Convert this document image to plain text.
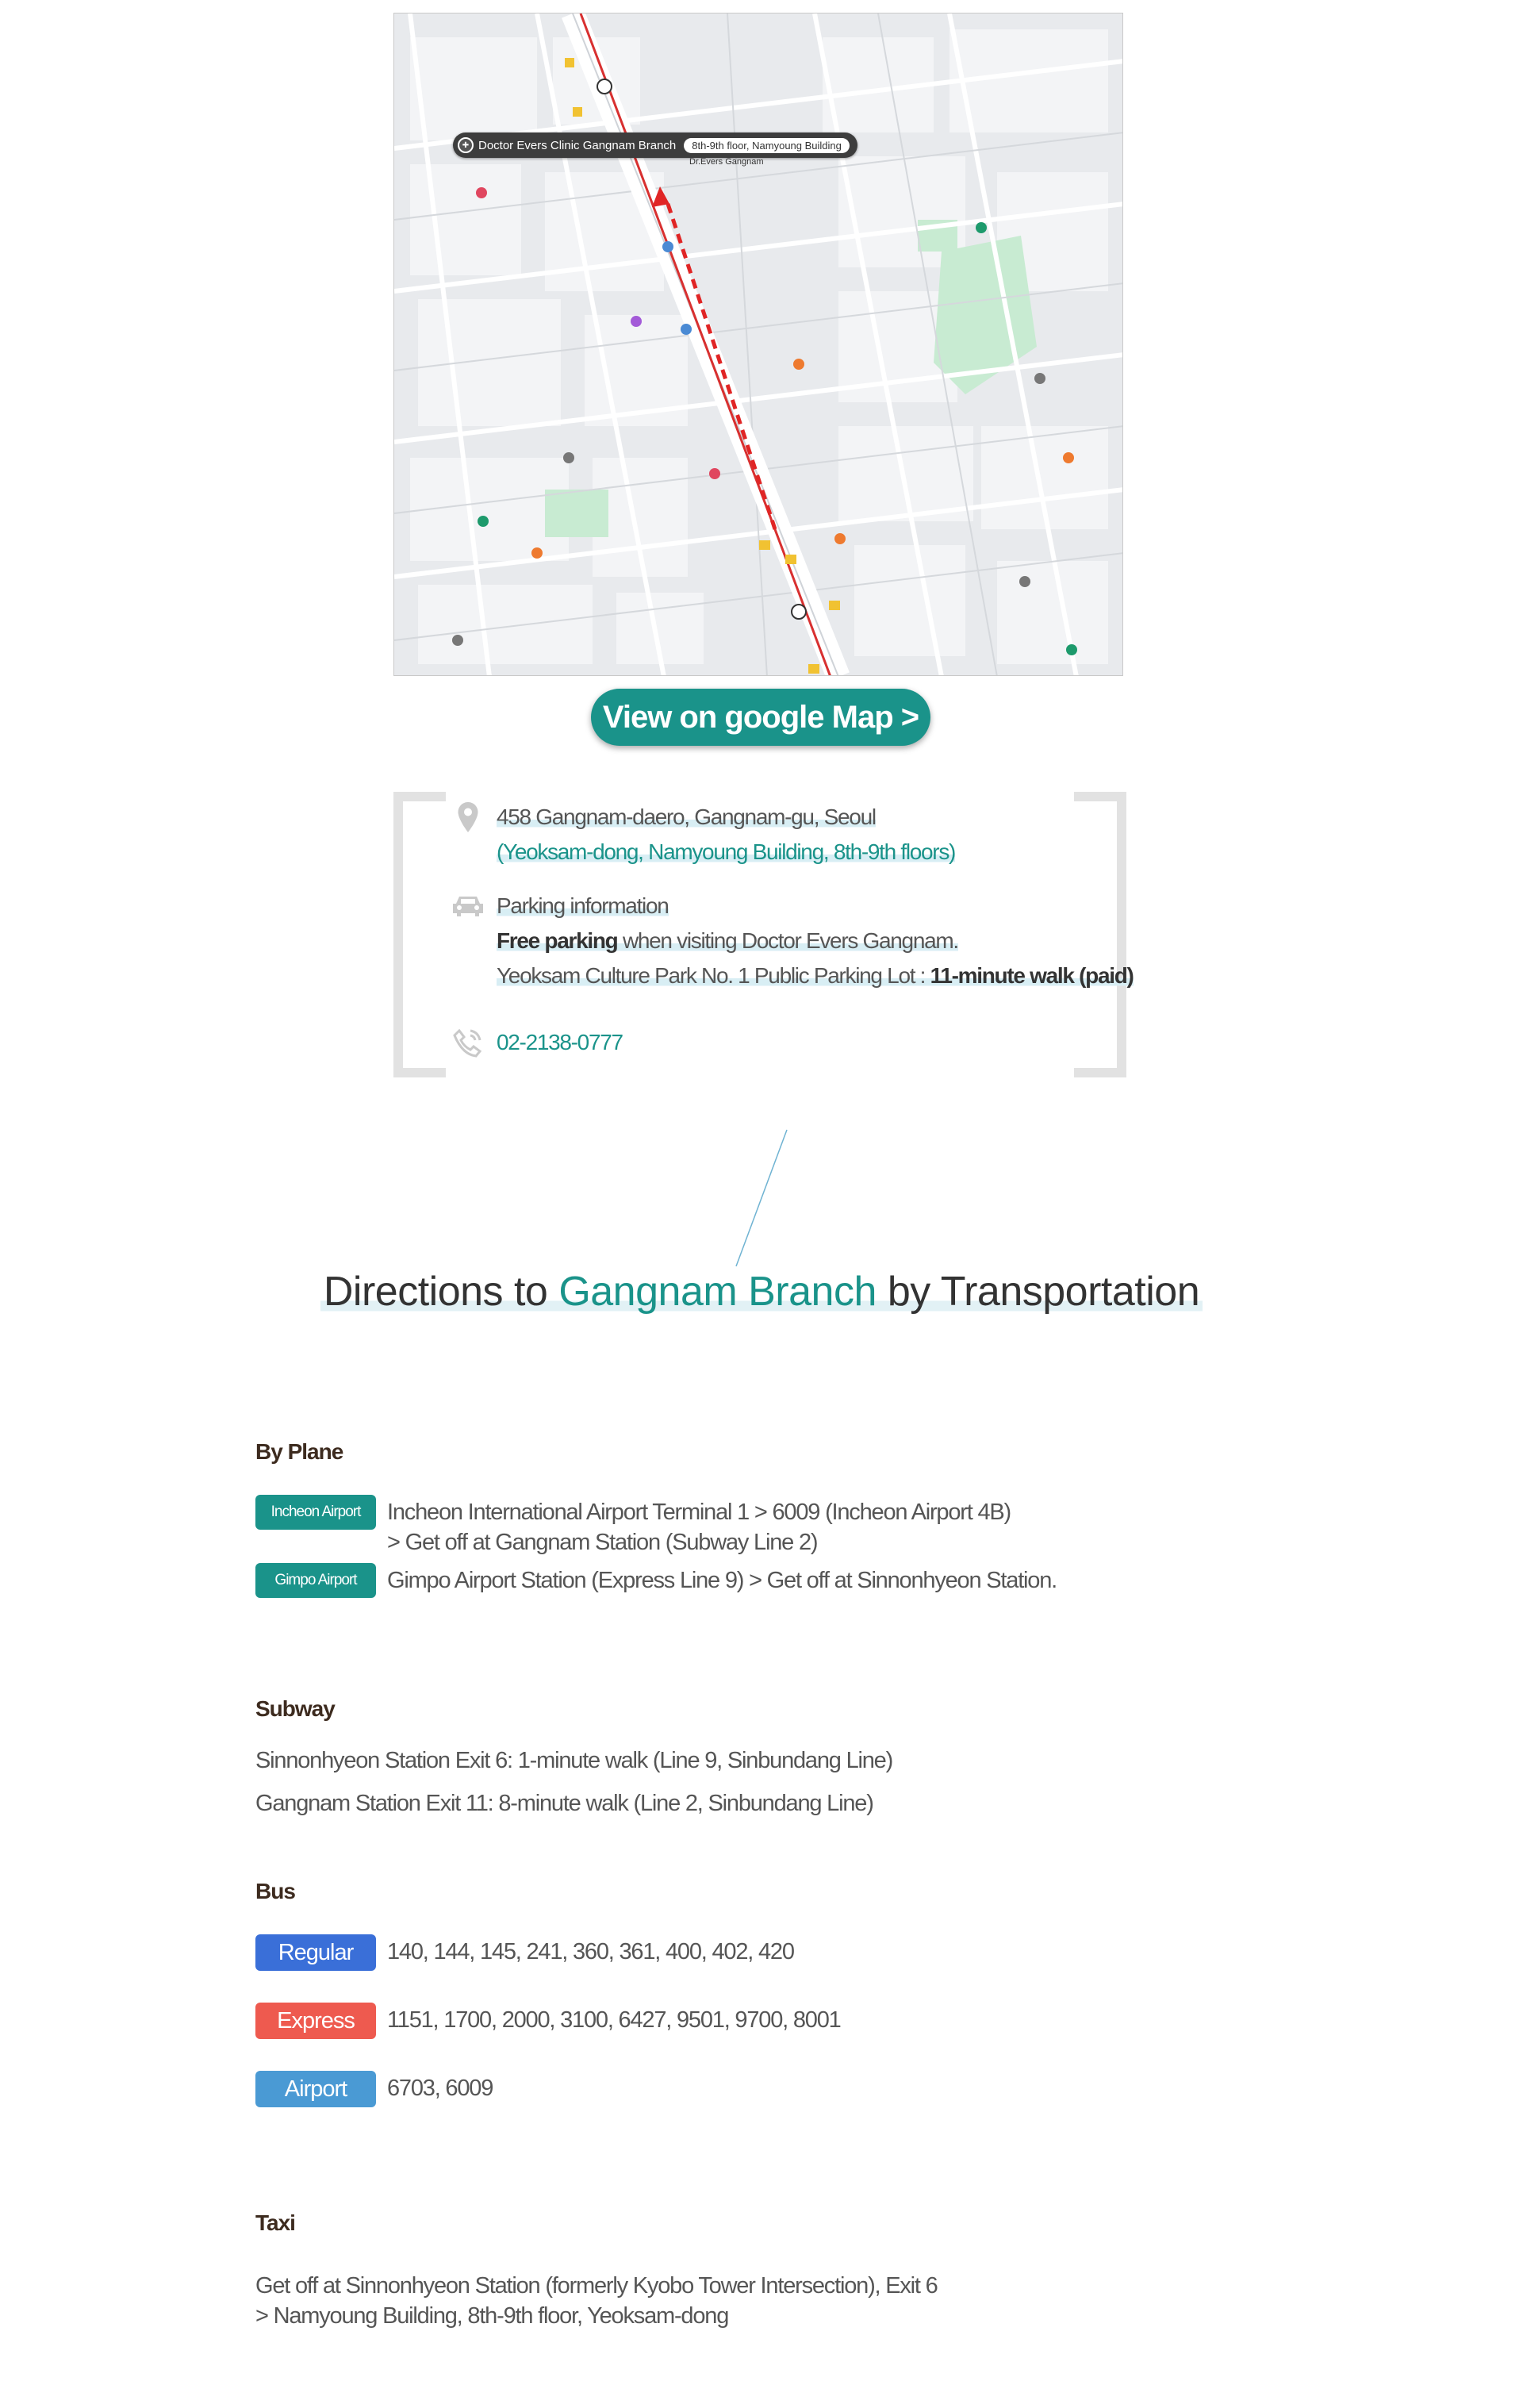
✚ Doctor Evers Clinic Gangnam Branch	8th-9th floor, Namyoung Building
Dr.Evers Gangnam
View on google Map >
458 Gangnam-daero, Gangnam-gu, Seoul
(Yeoksam-dong, Namyoung Building, 8th-9th floors)
Parking information
Free parking when visiting Doctor Evers Gangnam.
Yeoksam Culture Park No. 1 Public Parking Lot : 11-minute walk (paid)
02-2138-0777
Directions to Gangnam Branch by Transportation
By Plane
Incheon Airport	Incheon International Airport Terminal 1 > 6009 (Incheon Airport 4B)
> Get off at Gangnam Station (Subway Line 2)
Gimpo Airport	Gimpo Airport Station (Express Line 9) > Get off at Sinnonhyeon Station.
Subway
Sinnonhyeon Station Exit 6: 1-minute walk (Line 9, Sinbundang Line)
Gangnam Station Exit 11: 8-minute walk (Line 2, Sinbundang Line)
Bus
Regular	140, 144, 145, 241, 360, 361, 400, 402, 420
Express	1151, 1700, 2000, 3100, 6427, 9501, 9700, 8001
Airport	6703, 6009
Taxi
Get off at Sinnonhyeon Station (formerly Kyobo Tower Intersection), Exit 6
> Namyoung Building, 8th-9th floor, Yeoksam-dong
